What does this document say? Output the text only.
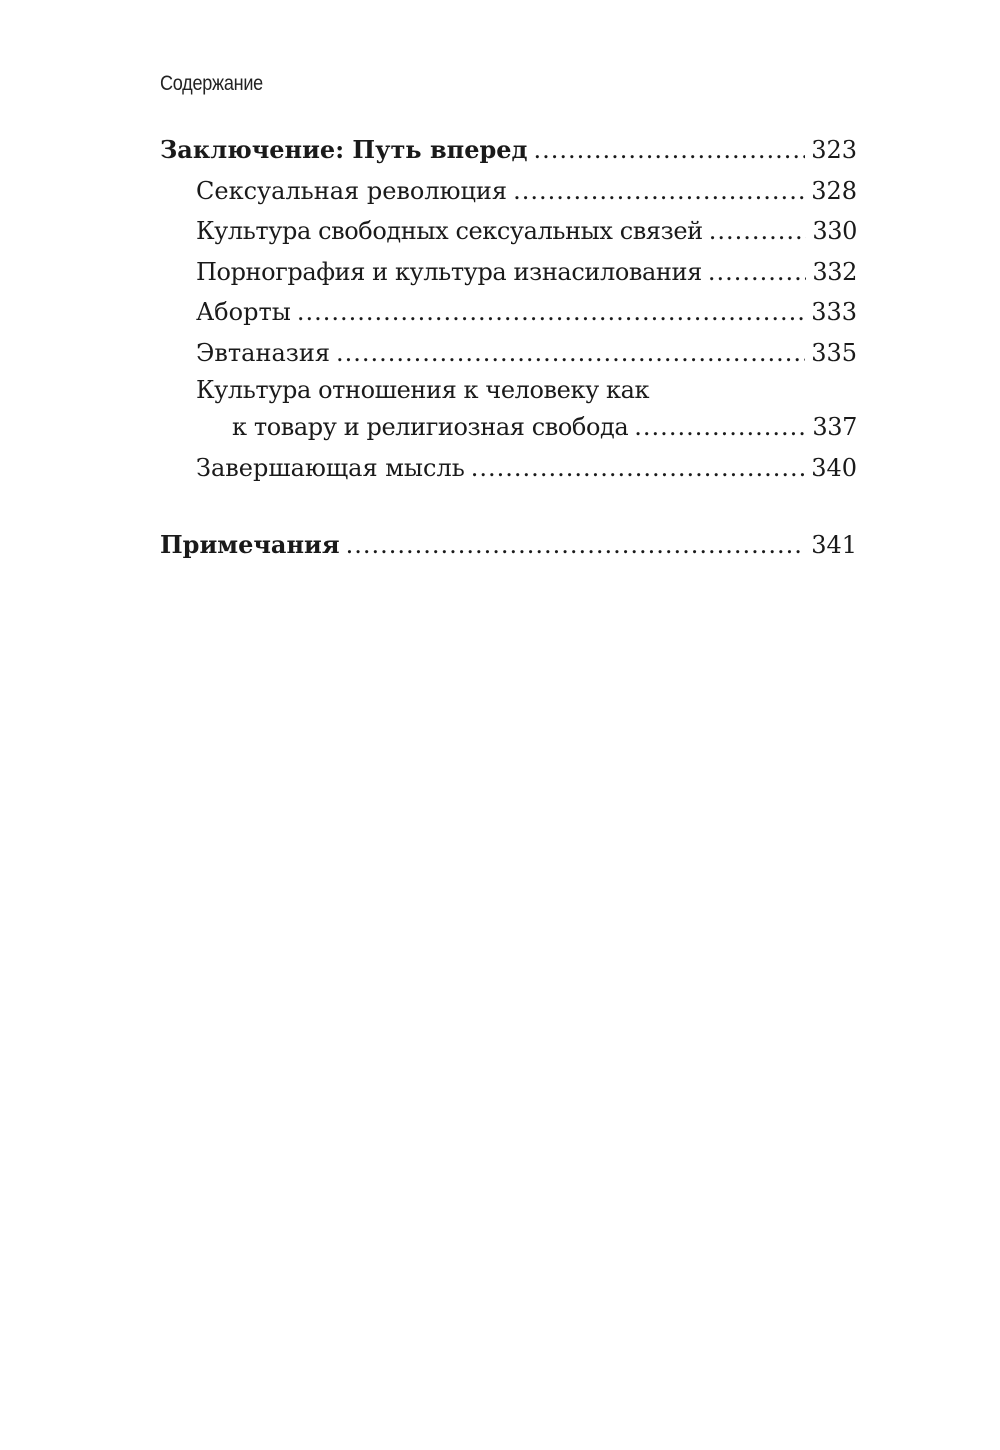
Содержание
Заключение: Путь вперед .....	323
Сексуальная революция .....	328
Культура свободных сексуальных связей .....	330
Порнография и культура изнасилования .....	332
Аборты .....	333
Эвтаназия .....	335
Культура отношения к человеку как
к товару и религиозная свобода .....	337
Завершающая мысль .....	340
Примечания .....	341
